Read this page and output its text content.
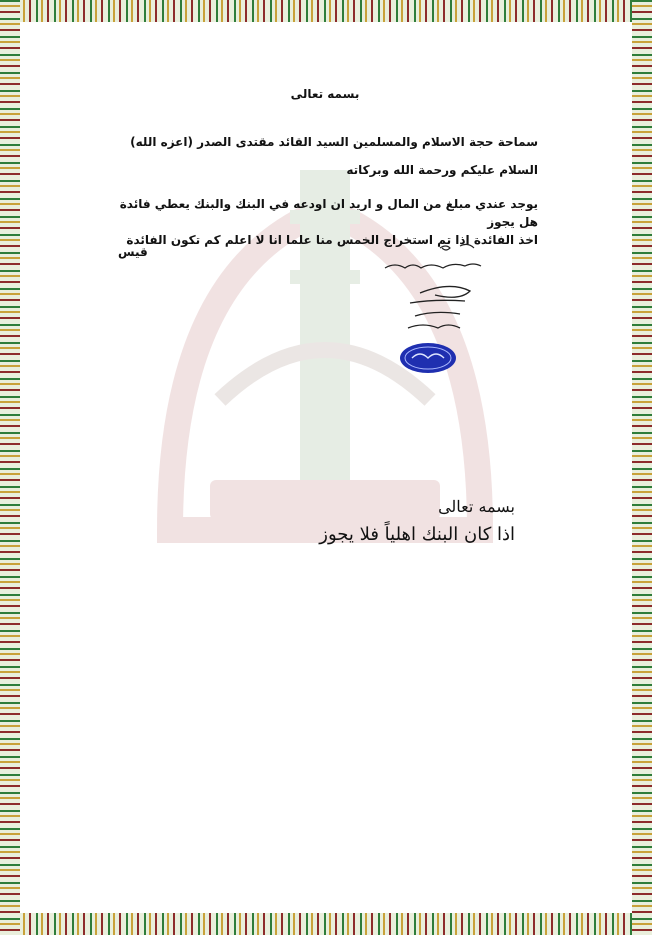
بسمه تعالى
سماحة حجة الاسلام والمسلمين السيد القائد مقتدى الصدر (اعزه الله)
السلام عليكم ورحمة الله وبركاته
يوجد عندي مبلغ من المال و اريد ان اودعه في البنك والبنك يعطي فائدة هل يجوز
اخذ الفائدة اذا تم استخراج الخمس منا علما انا لا اعلم كم تكون الفائدة
قيس
بسمه تعالى
اذا كان البنك اهلياً فلا يجوز
